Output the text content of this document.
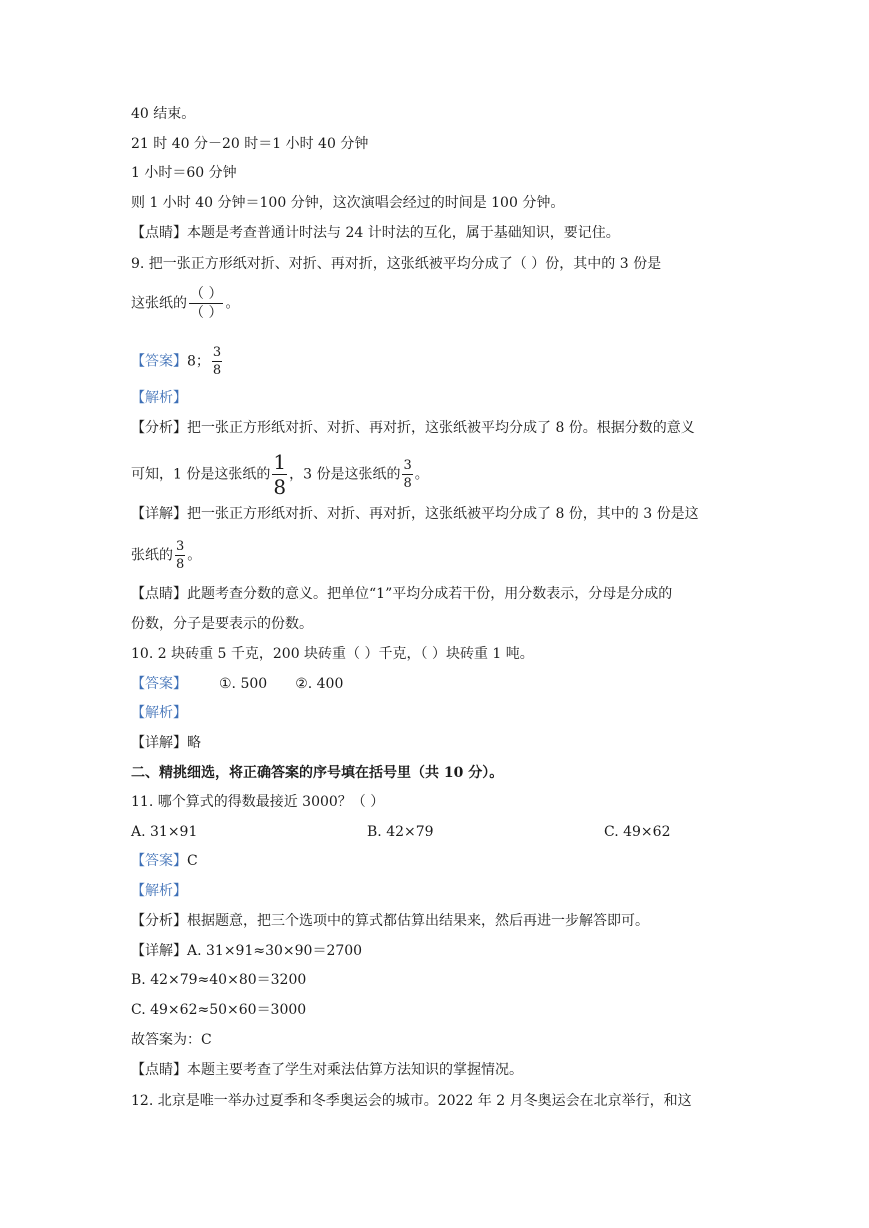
40 结束。
21 时 40 分－20 时＝1 小时 40 分钟
1 小时＝60 分钟
则 1 小时 40 分钟＝100 分钟，这次演唱会经过的时间是 100 分钟。
【点睛】本题是考查普通计时法与 24 计时法的互化，属于基础知识，要记住。
9. 把一张正方形纸对折、对折、再对折，这张纸被平均分成了（ ）份，其中的 3 份是
这张纸的 $\frac{( )}{( )}$ 。
【答案】8； $\frac{3}{8}$
【解析】
【分析】把一张正方形纸对折、对折、再对折，这张纸被平均分成了 8 份。根据分数的意义
可知，1 份是这张纸的 $\frac{1}{8}$ ，3 份是这张纸的 $\frac{3}{8}$ 。
【详解】把一张正方形纸对折、对折、再对折，这张纸被平均分成了 8 份，其中的 3 份是这
张纸的 $\frac{3}{8}$ 。
【点睛】此题考查分数的意义。把单位“1”平均分成若干份，用分数表示，分母是分成的
份数，分子是要表示的份数。
10. 2 块砖重 5 千克，200 块砖重（ ）千克，（ ）块砖重 1 吨。
【答案】 ①. 500 ②. 400
【解析】
【详解】略
二、精挑细选，将正确答案的序号填在括号里（共 10 分）。
11. 哪个算式的得数最接近 3000？（ ）
A. 31×91	B. 42×79	C. 49×62
【答案】C
【解析】
【分析】根据题意，把三个选项中的算式都估算出结果来，然后再进一步解答即可。
【详解】A. 31×91≈30×90＝2700
B. 42×79≈40×80＝3200
C. 49×62≈50×60＝3000
故答案为：C
【点睛】本题主要考查了学生对乘法估算方法知识的掌握情况。
12. 北京是唯一举办过夏季和冬季奥运会的城市。2022 年 2 月冬奥运会在北京举行，和这
